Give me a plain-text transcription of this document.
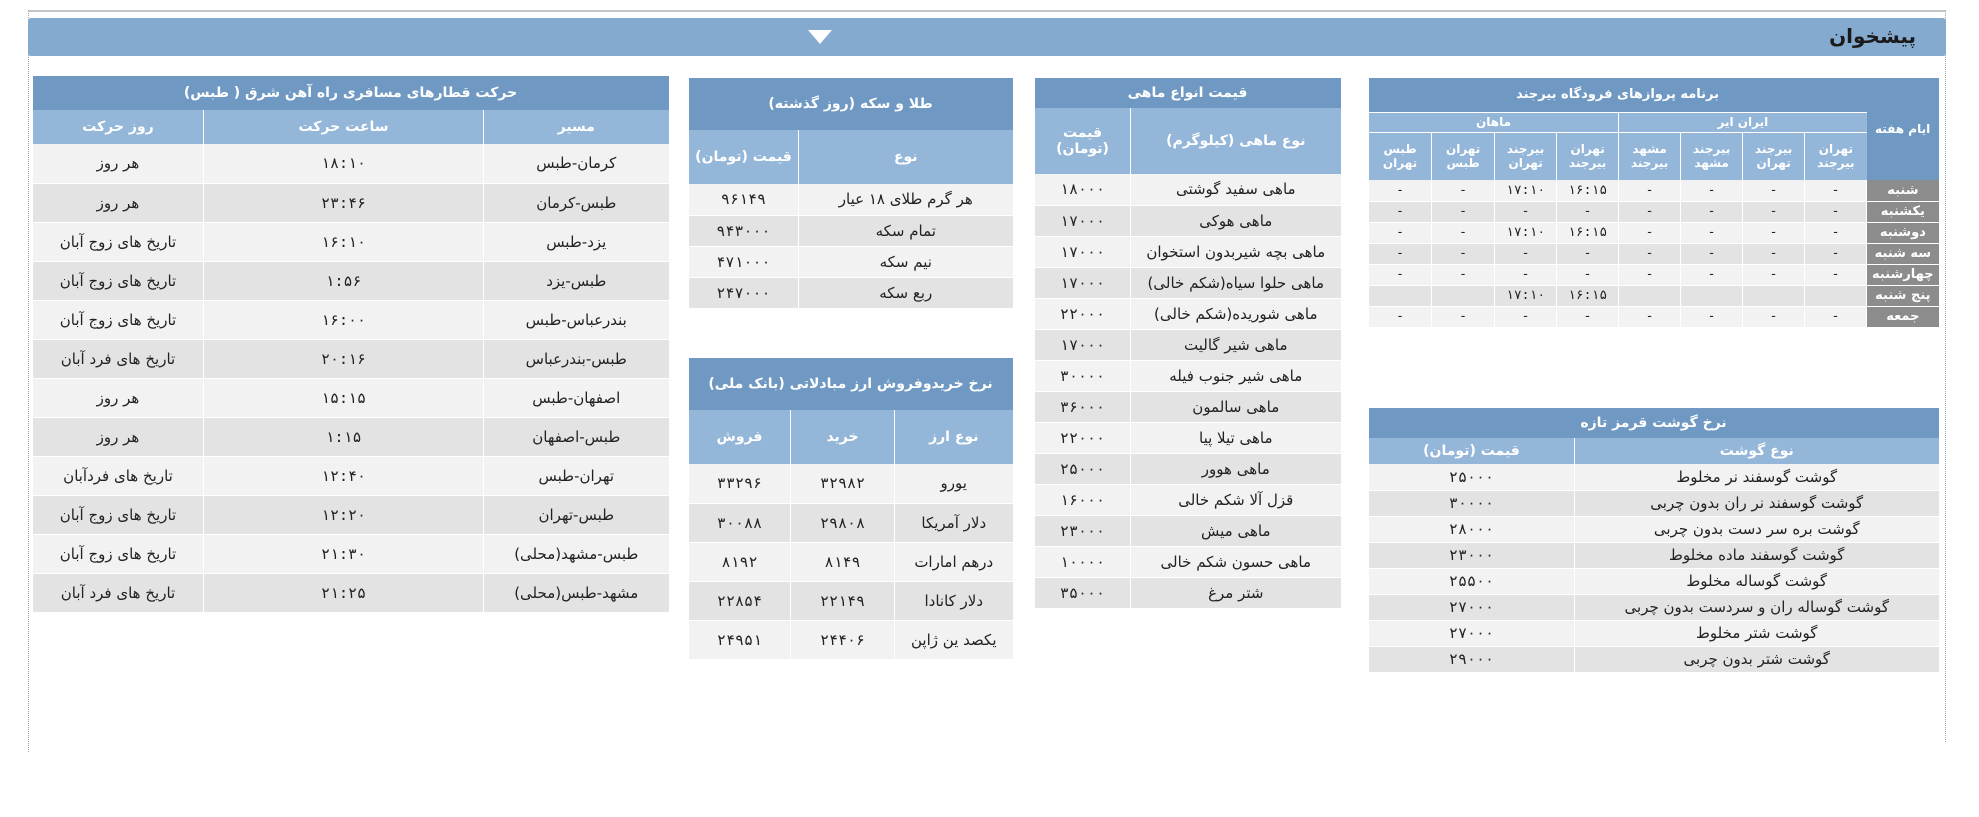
پیشخوان
حرکت قطارهای مسافری راه آهن شرق ( طبس)		
مسیر	ساعت حرکت	روز حرکت
کرمان-طبس	۱۸:۱۰	هر روز
طبس-کرمان	۲۳:۴۶	هر روز
یزد-طبس	۱۶:۱۰	تاریخ های زوج آبان
طبس-یزد	۱:۵۶	تاریخ های زوج آبان
بندرعباس-طبس	۱۶:۰۰	تاریخ های زوج آبان
طبس-بندرعباس	۲۰:۱۶	تاریخ های فرد آبان
اصفهان-طبس	۱۵:۱۵	هر روز
طبس-اصفهان	۱:۱۵	هر روز
تهران-طبس	۱۲:۴۰	تاریخ های فردآبان
طبس-تهران	۱۲:۲۰	تاریخ های زوج آبان
طبس-مشهد(محلی)	۲۱:۳۰	تاریخ های زوج آبان
مشهد-طبس(محلی)	۲۱:۲۵	تاریخ های فرد آبان
طلا و سکه (روز گذشته)	
نوع	قیمت (تومان)
هر گرم طلای ۱۸ عیار	۹۶۱۴۹
تمام سکه	۹۴۳۰۰۰
نیم سکه	۴۷۱۰۰۰
ربع سکه	۲۴۷۰۰۰
نرخ خریدوفروش ارز مبادلاتی (بانک ملی)		
نوع ارز	خرید	فروش
یورو	۳۲۹۸۲	۳۳۲۹۶
دلار آمریکا	۲۹۸۰۸	۳۰۰۸۸
درهم امارات	۸۱۴۹	۸۱۹۲
دلار کانادا	۲۲۱۴۹	۲۲۸۵۴
یکصد ین ژاپن	۲۴۴۰۶	۲۴۹۵۱
قیمت انواع ماهی	
نوع ماهی (کیلوگرم)	قیمت (تومان)
ماهی سفید گوشتی	۱۸۰۰۰
ماهی هوکی	۱۷۰۰۰
ماهی بچه شیربدون استخوان	۱۷۰۰۰
ماهی حلوا سیاه(شکم خالی)	۱۷۰۰۰
ماهی شوریده(شکم خالی)	۲۲۰۰۰
ماهی شیر گالیت	۱۷۰۰۰
ماهی شیر جنوب فیله	۳۰۰۰۰
ماهی سالمون	۳۶۰۰۰
ماهی تیلا پیا	۲۲۰۰۰
ماهی هوور	۲۵۰۰۰
قزل آلا شکم خالی	۱۶۰۰۰
ماهی میش	۲۳۰۰۰
ماهی حسون شکم خالی	۱۰۰۰۰
شتر مرغ	۳۵۰۰۰
ایام هفته	برنامه پروازهای فرودگاه بیرجند							
	ایران ایر				ماهان			
	تهران بیرجند	بیرجند تهران	بیرجند مشهد	مشهد بیرجند	تهران بیرجند	بیرجند تهران	تهران طبس	طبس تهران
شنبه	-	-	-	-	۱۶:۱۵	۱۷:۱۰	-	-
یکشنبه	-	-	-	-	-	-	-	-
دوشنبه	-	-	-	-	۱۶:۱۵	۱۷:۱۰	-	-
سه شنبه	-	-	-	-	-	-	-	-
چهارشنبه	-	-	-	-	-	-	-	-
پنج شنبه					۱۶:۱۵	۱۷:۱۰		
جمعه	-	-	-	-	-	-	-	-
نرخ گوشت قرمز تازه	
نوع گوشت	قیمت (تومان)
گوشت گوسفند نر مخلوط	۲۵۰۰۰
گوشت گوسفند نر ران بدون چربی	۳۰۰۰۰
گوشت بره سر دست بدون چربی	۲۸۰۰۰
گوشت گوسفند ماده مخلوط	۲۳۰۰۰
گوشت گوساله مخلوط	۲۵۵۰۰
گوشت گوساله ران و سردست بدون چربی	۲۷۰۰۰
گوشت شتر مخلوط	۲۷۰۰۰
گوشت شتر بدون چربی	۲۹۰۰۰
